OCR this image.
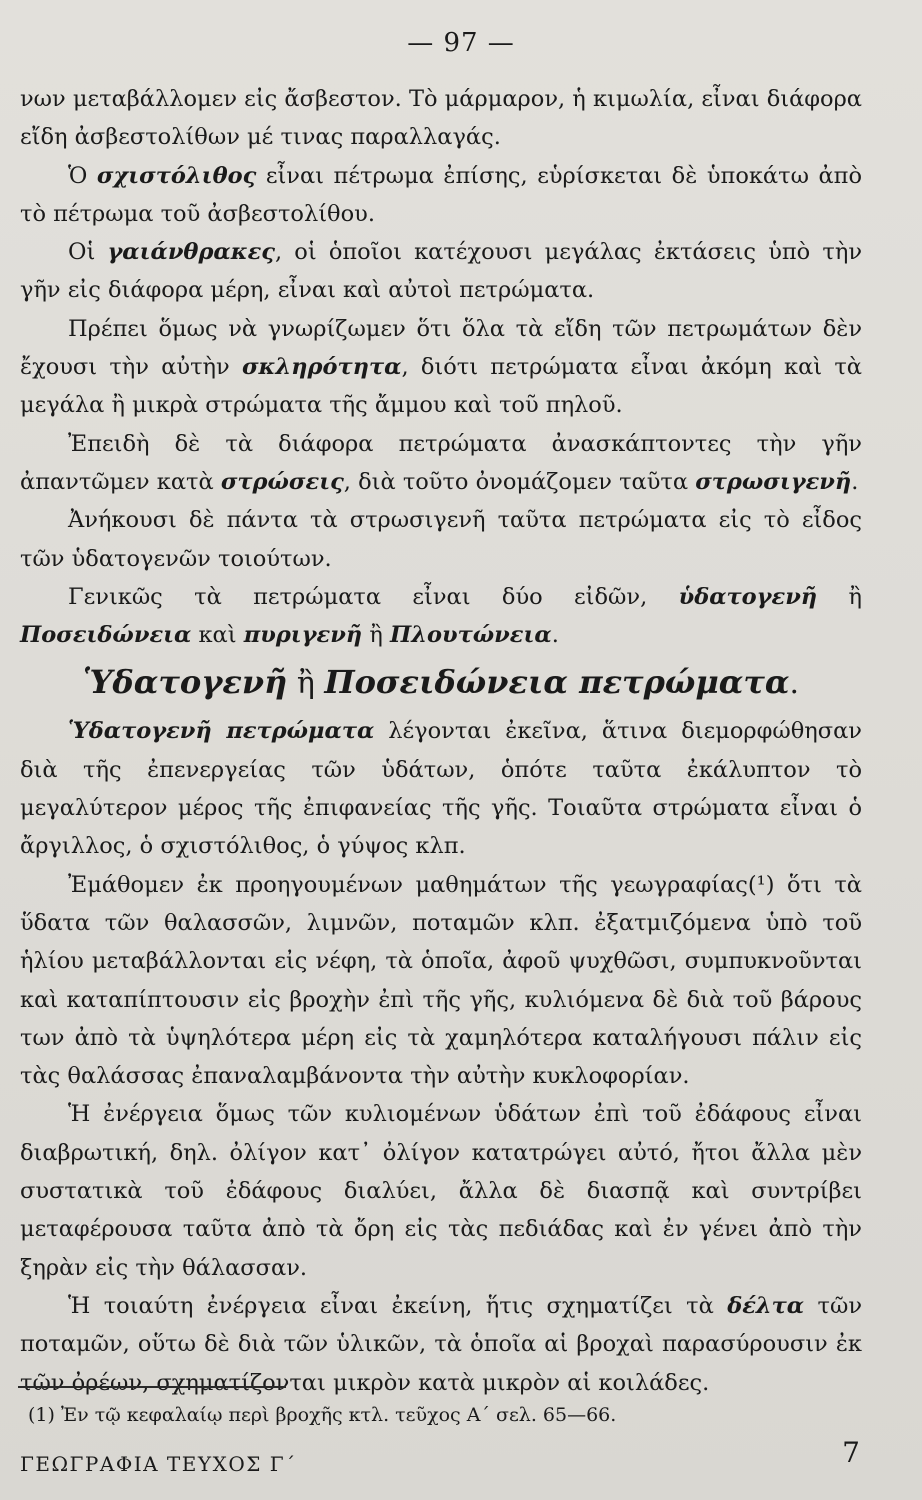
— 97 —

νων μεταβάλλομεν εἰς ἄσβεστον. Τὸ μάρμαρον, ἡ κιμωλία, εἶναι διάφορα εἴδη ἀσβεστολίθων μέ τινας παραλλαγάς.

Ὁ σχιστόλιθος εἶναι πέτρωμα ἐπίσης, εὑρίσκεται δὲ ὑποκάτω ἀπὸ τὸ πέτρωμα τοῦ ἀσβεστολίθου.

Οἱ γαιάνθρακες, οἱ ὁποῖοι κατέχουσι μεγάλας ἐκτάσεις ὑπὸ τὴν γῆν εἰς διάφορα μέρη, εἶναι καὶ αὐτοὶ πετρώματα.

Πρέπει ὅμως νὰ γνωρίζωμεν ὅτι ὅλα τὰ εἴδη τῶν πετρωμάτων δὲν ἔχουσι τὴν αὐτὴν σκληρότητα, διότι πετρώματα εἶναι ἀκόμη καὶ τὰ μεγάλα ἢ μικρὰ στρώματα τῆς ἄμμου καὶ τοῦ πηλοῦ.

Ἐπειδὴ δὲ τὰ διάφορα πετρώματα ἀνασκάπτοντες τὴν γῆν ἀπαντῶμεν κατὰ στρώσεις, διὰ τοῦτο ὀνομάζομεν ταῦτα στρωσιγενῆ.

Ἀνήκουσι δὲ πάντα τὰ στρωσιγενῆ ταῦτα πετρώματα εἰς τὸ εἶδος τῶν ὑδατογενῶν τοιούτων.

Γενικῶς τὰ πετρώματα εἶναι δύο εἰδῶν, ὑδατογενῆ ἢ Ποσειδώνεια καὶ πυριγενῆ ἢ Πλουτώνεια.

Ὑδατογενῆ ἢ Ποσειδώνεια πετρώματα.

Ὑδατογενῆ πετρώματα λέγονται ἐκεῖνα, ἅτινα διεμορφώθησαν διὰ τῆς ἐπενεργείας τῶν ὑδάτων, ὁπότε ταῦτα ἐκάλυπτον τὸ μεγαλύτερον μέρος τῆς ἐπιφανείας τῆς γῆς. Τοιαῦτα στρώματα εἶναι ὁ ἄργιλλος, ὁ σχιστόλιθος, ὁ γύψος κλπ.

Ἐμάθομεν ἐκ προηγουμένων μαθημάτων τῆς γεωγραφίας(¹) ὅτι τὰ ὕδατα τῶν θαλασσῶν, λιμνῶν, ποταμῶν κλπ. ἐξατμιζόμενα ὑπὸ τοῦ ἡλίου μεταβάλλονται εἰς νέφη, τὰ ὁποῖα, ἀφοῦ ψυχθῶσι, συμπυκνοῦνται καὶ καταπίπτουσιν εἰς βροχὴν ἐπὶ τῆς γῆς, κυλιόμενα δὲ διὰ τοῦ βάρους των ἀπὸ τὰ ὑψηλότερα μέρη εἰς τὰ χαμηλότερα καταλήγουσι πάλιν εἰς τὰς θαλάσσας ἐπαναλαμβάνοντα τὴν αὐτὴν κυκλοφορίαν.

Ἡ ἐνέργεια ὅμως τῶν κυλιομένων ὑδάτων ἐπὶ τοῦ ἐδάφους εἶναι διαβρωτική, δηλ. ὀλίγον κατ᾽ ὀλίγον κατατρώγει αὐτό, ἤτοι ἄλλα μὲν συστατικὰ τοῦ ἐδάφους διαλύει, ἄλλα δὲ διασπᾷ καὶ συντρίβει μεταφέρουσα ταῦτα ἀπὸ τὰ ὄρη εἰς τὰς πεδιάδας καὶ ἐν γένει ἀπὸ τὴν ξηρὰν εἰς τὴν θάλασσαν.

Ἡ τοιαύτη ἐνέργεια εἶναι ἐκείνη, ἥτις σχηματίζει τὰ δέλτα τῶν ποταμῶν, οὕτω δὲ διὰ τῶν ὑλικῶν, τὰ ὁποῖα αἱ βροχαὶ παρασύρουσιν ἐκ τῶν ὀρέων, σχηματίζονται μικρὸν κατὰ μικρὸν αἱ κοιλάδες.

(1) Ἐν τῷ κεφαλαίῳ περὶ βροχῆς κτλ. τεῦχος Α΄ σελ. 65—66.
ΓΕΩΓΡΑΦΙΑ ΤΕΥΧΟΣ Γ΄	7
